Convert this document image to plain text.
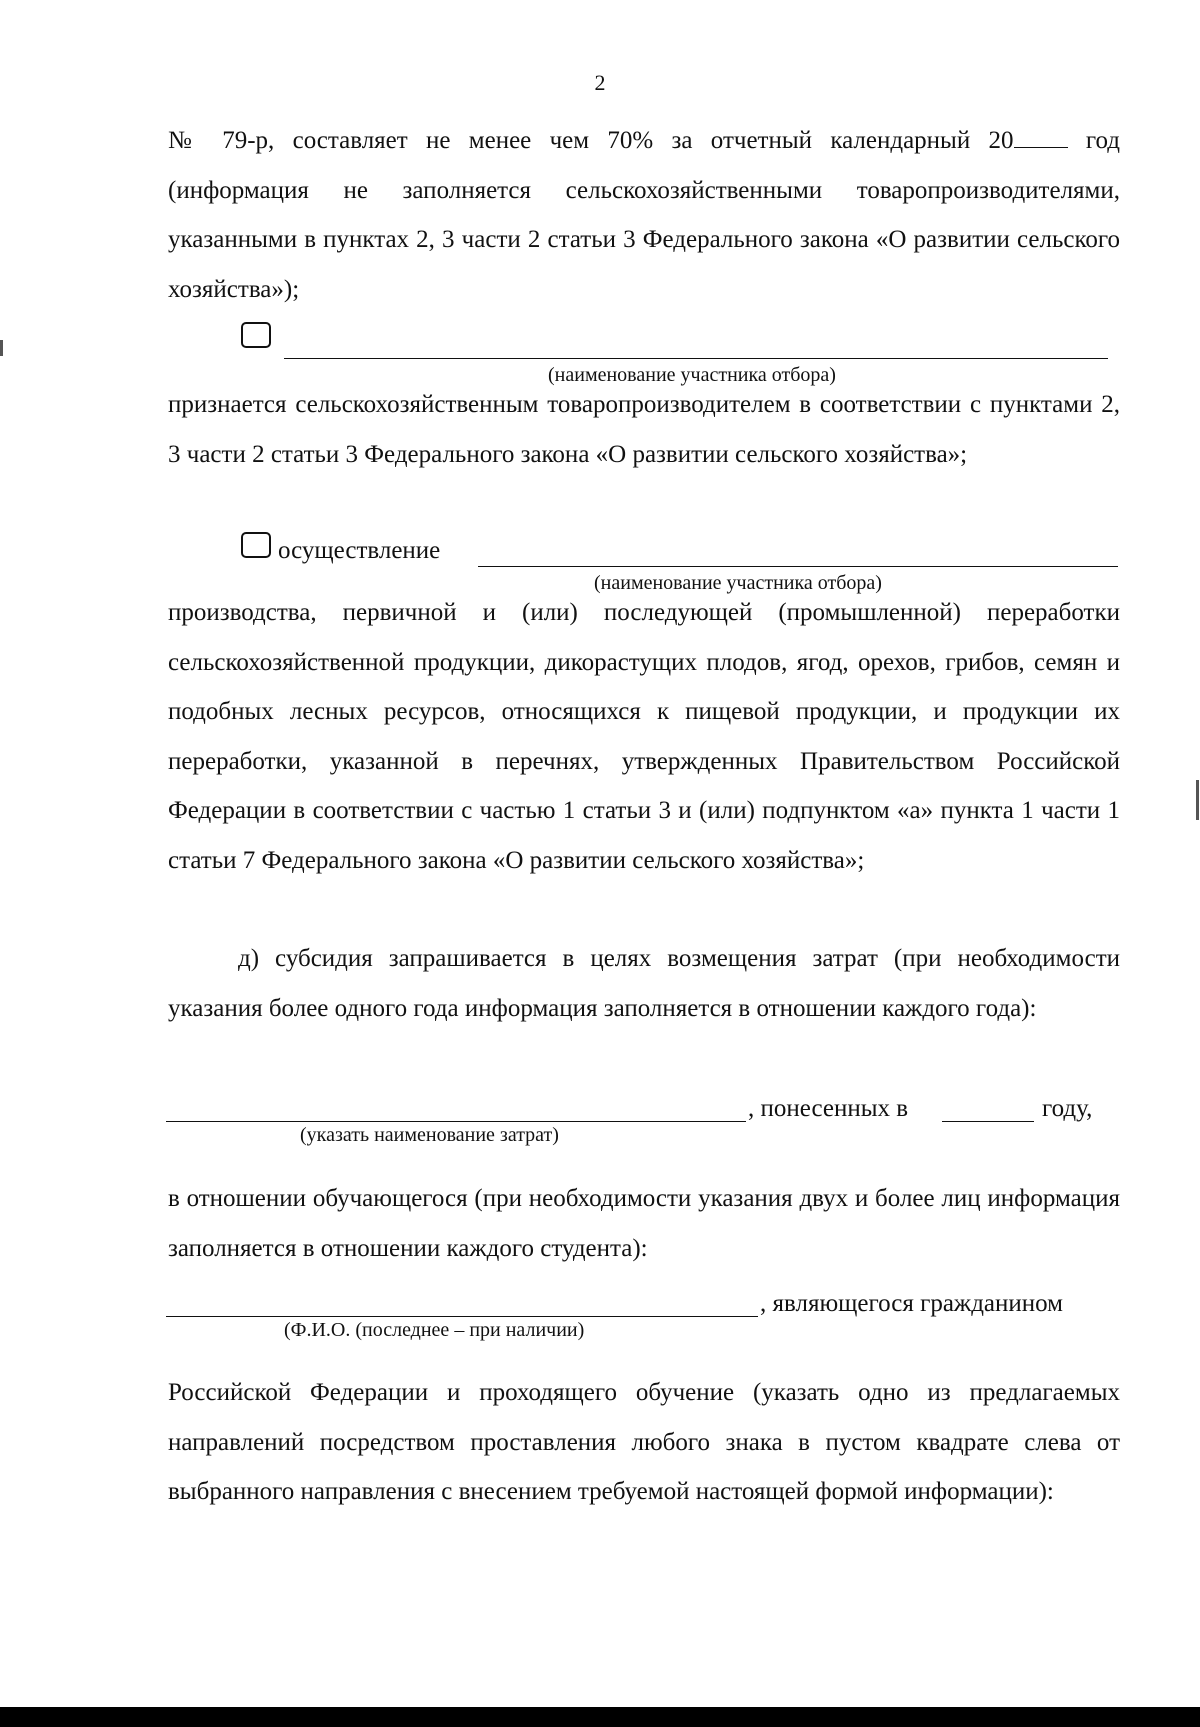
2

№ 79-р, составляет не менее чем 70% за отчетный календарный 20 год (информация не заполняется сельскохозяйственными товаропроизводителями, указанными в пунктах 2, 3 части 2 статьи 3 Федерального закона «О развитии сельского хозяйства»);

(наименование участника отбора)

признается сельскохозяйственным товаропроизводителем в соответствии с пунктами 2, 3 части 2 статьи 3 Федерального закона «О развитии сельского хозяйства»;

осуществление
(наименование участника отбора)

производства, первичной и (или) последующей (промышленной) переработки сельскохозяйственной продукции, дикорастущих плодов, ягод, орехов, грибов, семян и подобных лесных ресурсов, относящихся к пищевой продукции, и продукции их переработки, указанной в перечнях, утвержденных Правительством Российской Федерации в соответствии с частью 1 статьи 3 и (или) подпунктом «а» пункта 1 части 1 статьи 7 Федерального закона «О развитии сельского хозяйства»;

д) субсидия запрашивается в целях возмещения затрат (при необходимости указания более одного года информация заполняется в отношении каждого года):

, понесенных в	году,
(указать наименование затрат)

в отношении обучающегося (при необходимости указания двух и более лиц информация заполняется в отношении каждого студента):

, являющегося гражданином
(Ф.И.О. (последнее – при наличии)

Российской Федерации и проходящего обучение (указать одно из предлагаемых направлений посредством проставления любого знака в пустом квадрате слева от выбранного направления с внесением требуемой настоящей формой информации):
